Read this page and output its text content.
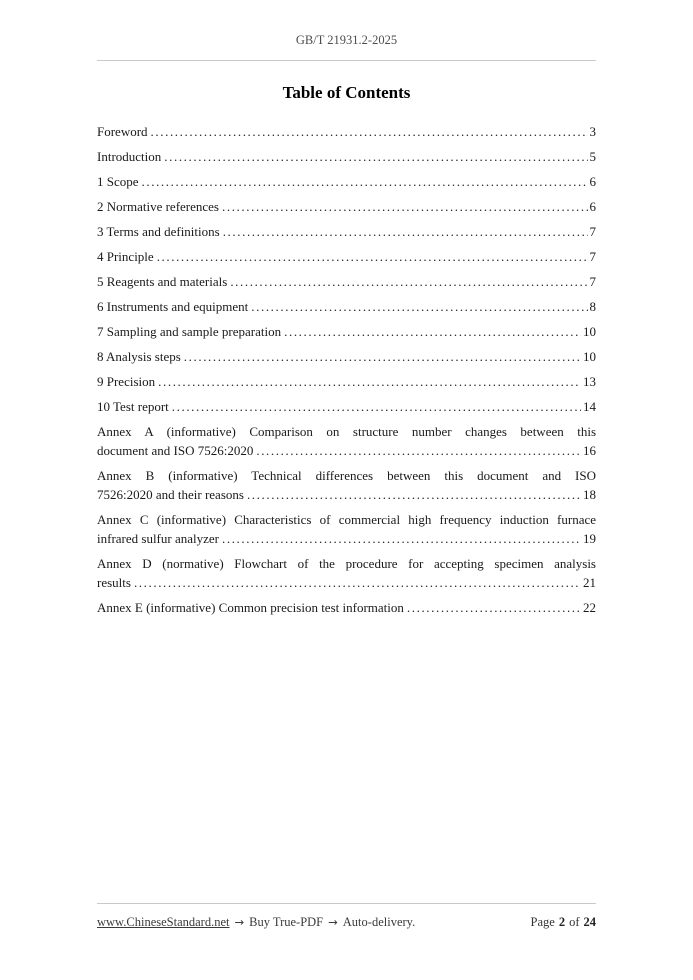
GB/T 21931.2-2025
Table of Contents
Foreword .....	3
Introduction .....	5
1 Scope .....	6
2 Normative references .....	6
3 Terms and definitions .....	7
4 Principle .....	7
5 Reagents and materials .....	7
6 Instruments and equipment .....	8
7 Sampling and sample preparation .....	10
8 Analysis steps .....	10
9 Precision .....	13
10 Test report .....	14
Annex A (informative) Comparison on structure number changes between this
document and ISO 7526:2020 .....	16
Annex B (informative) Technical differences between this document and ISO
7526:2020 and their reasons .....	18
Annex C (informative) Characteristics of commercial high frequency induction furnace
infrared sulfur analyzer .....	19
Annex D (normative) Flowchart of the procedure for accepting specimen analysis
results .....	21
Annex E (informative) Common precision test information .....	22
www.ChineseStandard.net → Buy True-PDF → Auto-delivery.	Page 2 of 24
